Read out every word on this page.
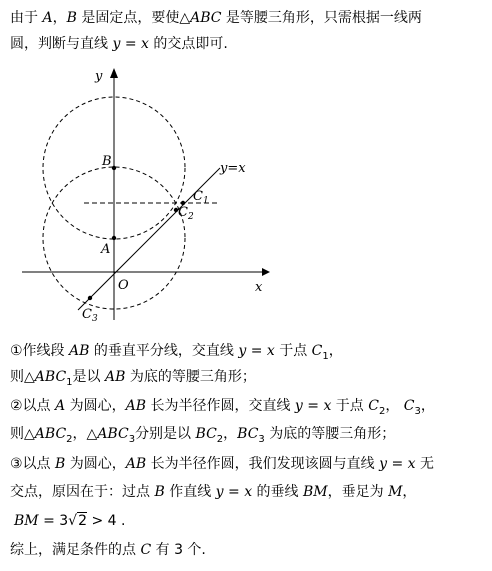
由于 A，B 是固定点，要使△ABC 是等腰三角形，只需根据一线两
圆，判断与直线 y = x 的交点即可.
y
x
O
B
A
y=x
$C_1$
$C_2$
$C_3$
①作线段 AB 的垂直平分线，交直线 y = x 于点 $C_1$，
则$\triangle ABC_1$是以 AB 为底的等腰三角形；
②以点 A 为圆心，AB 长为半径作圆，交直线 y = x 于点 $C_2$， $C_3$，
则$\triangle ABC_2$，$\triangle ABC_3$分别是以 $BC_2$，$BC_3$ 为底的等腰三角形；
③以点 B 为圆心，AB 长为半径作圆，我们发现该圆与直线 y = x 无
交点，原因在于：过点 B 作直线 y = x 的垂线 BM，垂足为 M，
BM = 3√2 > 4 .
综上，满足条件的点 C 有 3 个.
